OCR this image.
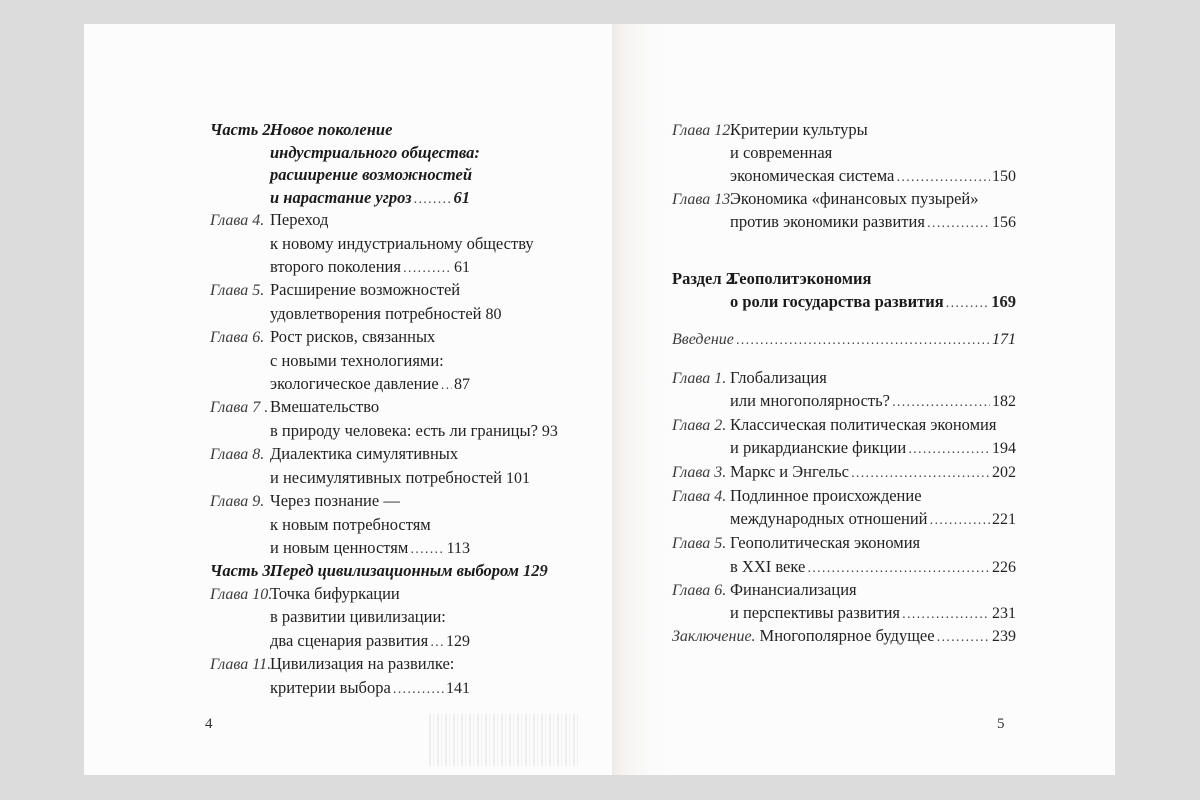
Часть 2.
Новое поколение
индустриального общества:
расширение возможностей
и нарастание угроз .....	61
Глава 4. Переход
к новому индустриальному обществу
второго поколения .....	61
Глава 5. Расширение возможностей
удовлетворения потребностей 80
Глава 6. Рост рисков, связанных
с новыми технологиями:
экологическое давление ..... 87
Глава 7 . Вмешательство
в природу человека: есть ли границы? 93
Глава 8. Диалектика симулятивных
и несимулятивных потребностей 101
Глава 9. Через познание —
к новым потребностям
и новым ценностям ..... 113
Часть 3.
Перед цивилизационным выбором 129
Глава 10.
Точка бифуркации
в развитии цивилизации:
два сценария развития ..... 129
Глава 11.
Цивилизация на развилке:
критерии выбора .....	141
4
Глава 12.
Критерии культуры
и современная
экономическая система .....	150
Глава 13.
Экономика «финансовых пузырей»
против экономики развития .....	156
Раздел 2.
Геополитэкономия
о роли государства развития .....	169
Введение .....	171
Глава 1. Глобализация
или многополярность? .....	182
Глава 2. Классическая политическая экономия
и рикардианские фикции .....	194
Глава 3. Маркс и Энгельс .....	202
Глава 4. Подлинное происхождение
международных отношений .....	221
Глава 5. Геополитическая экономия
в XXI веке .....	226
Глава 6. Финансиализация
и перспективы развития .....	231
Заключение. Многополярное будущее .....	239
5
